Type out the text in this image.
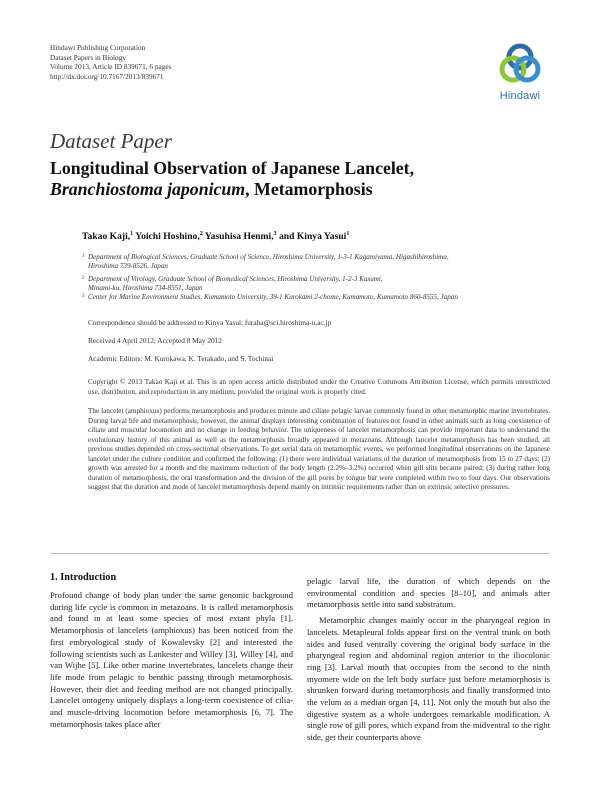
Hindawi Publishing Corporation
Dataset Papers in Biology
Volume 2013, Article ID 839671, 6 pages
http://dx.doi.org/10.7167/2013/839671
Hindawi
Dataset Paper
Longitudinal Observation of Japanese Lancelet,
Branchiostoma japonicum, Metamorphosis
Takao Kaji,$^1$ Yoichi Hoshino,$^2$ Yasuhisa Henmi,$^3$ and Kinya Yasui$^1$
1 Department of Biological Sciences, Graduate School of Science, Hiroshima University, 1-3-1 Kagamiyama, Higashihiroshima,
Hiroshima 739-8526, Japan
2 Department of Virology, Graduate School of Biomedical Sciences, Hiroshima University, 1-2-3 Kasumi,
Minami-ku, Hiroshima 734-8551, Japan
3 Center for Marine Environment Studies, Kumamoto University, 39-1 Kurokami 2-chome, Kumamoto, Kumamoto 860-8555, Japan
Correspondence should be addressed to Kinya Yasui; furaha@sci.hiroshima-u.ac.jp
Received 4 April 2012; Accepted 8 May 2012
Academic Editors: M. Kurokawa, K. Terakado, and S. Tochinai
Copyright © 2013 Takao Kaji et al. This is an open access article distributed under the Creative Commons Attribution License, which permits unrestricted use, distribution, and reproduction in any medium, provided the original work is properly cited.
The lancelet (amphioxus) performs metamorphosis and produces minute and ciliate pelagic larvae commonly found in other metamorphic marine invertebrates. During larval life and metamorphosis, however, the animal displays interesting combination of features not found in other animals such as long coexistence of ciliate and muscular locomotion and no change in feeding behavior. The uniqueness of lancelet metamorphosis can provide important data to understand the evolutionary history of this animal as well as the metamorphosis broadly appeared in metazoans. Although lancelet metamorphosis has been studied, all previous studies depended on cross-sectional observations. To get serial data on metamorphic events, we performed longitudinal observations on the Japanese lancelet under the culture condition and confirmed the following: (1) there were individual variations of the duration of metamorphosis from 15 to 27 days; (2) growth was arrested for a month and the maximum reduction of the body length (2.2%–3.2%) occurred when gill slits became paired; (3) during rather long duration of metamorphosis, the oral transformation and the division of the gill pores by tongue bar were completed within two to four days. Our observations suggest that the duration and mode of lancelet metamorphosis depend mainly on intrinsic requirements rather than on extrinsic selective pressures.
1. Introduction

Profound change of body plan under the same genomic background during life cycle is common in metazoans. It is called metamorphosis and found in at least some species of most extant phyla [1]. Metamorphosis of lancelets (amphioxus) has been noticed from the first embryological study of Kowalevsky [2] and interested the following scientists such as Lankester and Willey [3], Willey [4], and van Wijhe [5]. Like other marine invertebrates, lancelets change their life mode from pelagic to benthic passing through metamorphosis. However, their diet and feeding method are not changed principally. Lancelet ontogeny uniquely displays a long-term coexistence of cilia- and muscle-driving locomotion before metamorphosis [6, 7]. The metamorphosis takes place after

pelagic larval life, the duration of which depends on the environmental condition and species [8–10], and animals after metamorphosis settle into sand substratum.

Metamorphic changes mainly occur in the pharyngeal region in lancelets. Metapleural folds appear first on the ventral trunk on both sides and fused ventrally covering the original body surface in the pharyngeal region and abdominal region anterior to the iliocolonic ring [3]. Larval mouth that occupies from the second to the ninth myomere wide on the left body surface just before metamorphosis is shrunken forward during metamorphosis and finally transformed into the velum as a median organ [4, 11]. Not only the mouth but also the digestive system as a whole undergoes remarkable modification. A single row of gill pores, which expand from the midventral to the right side, get their counterparts above
